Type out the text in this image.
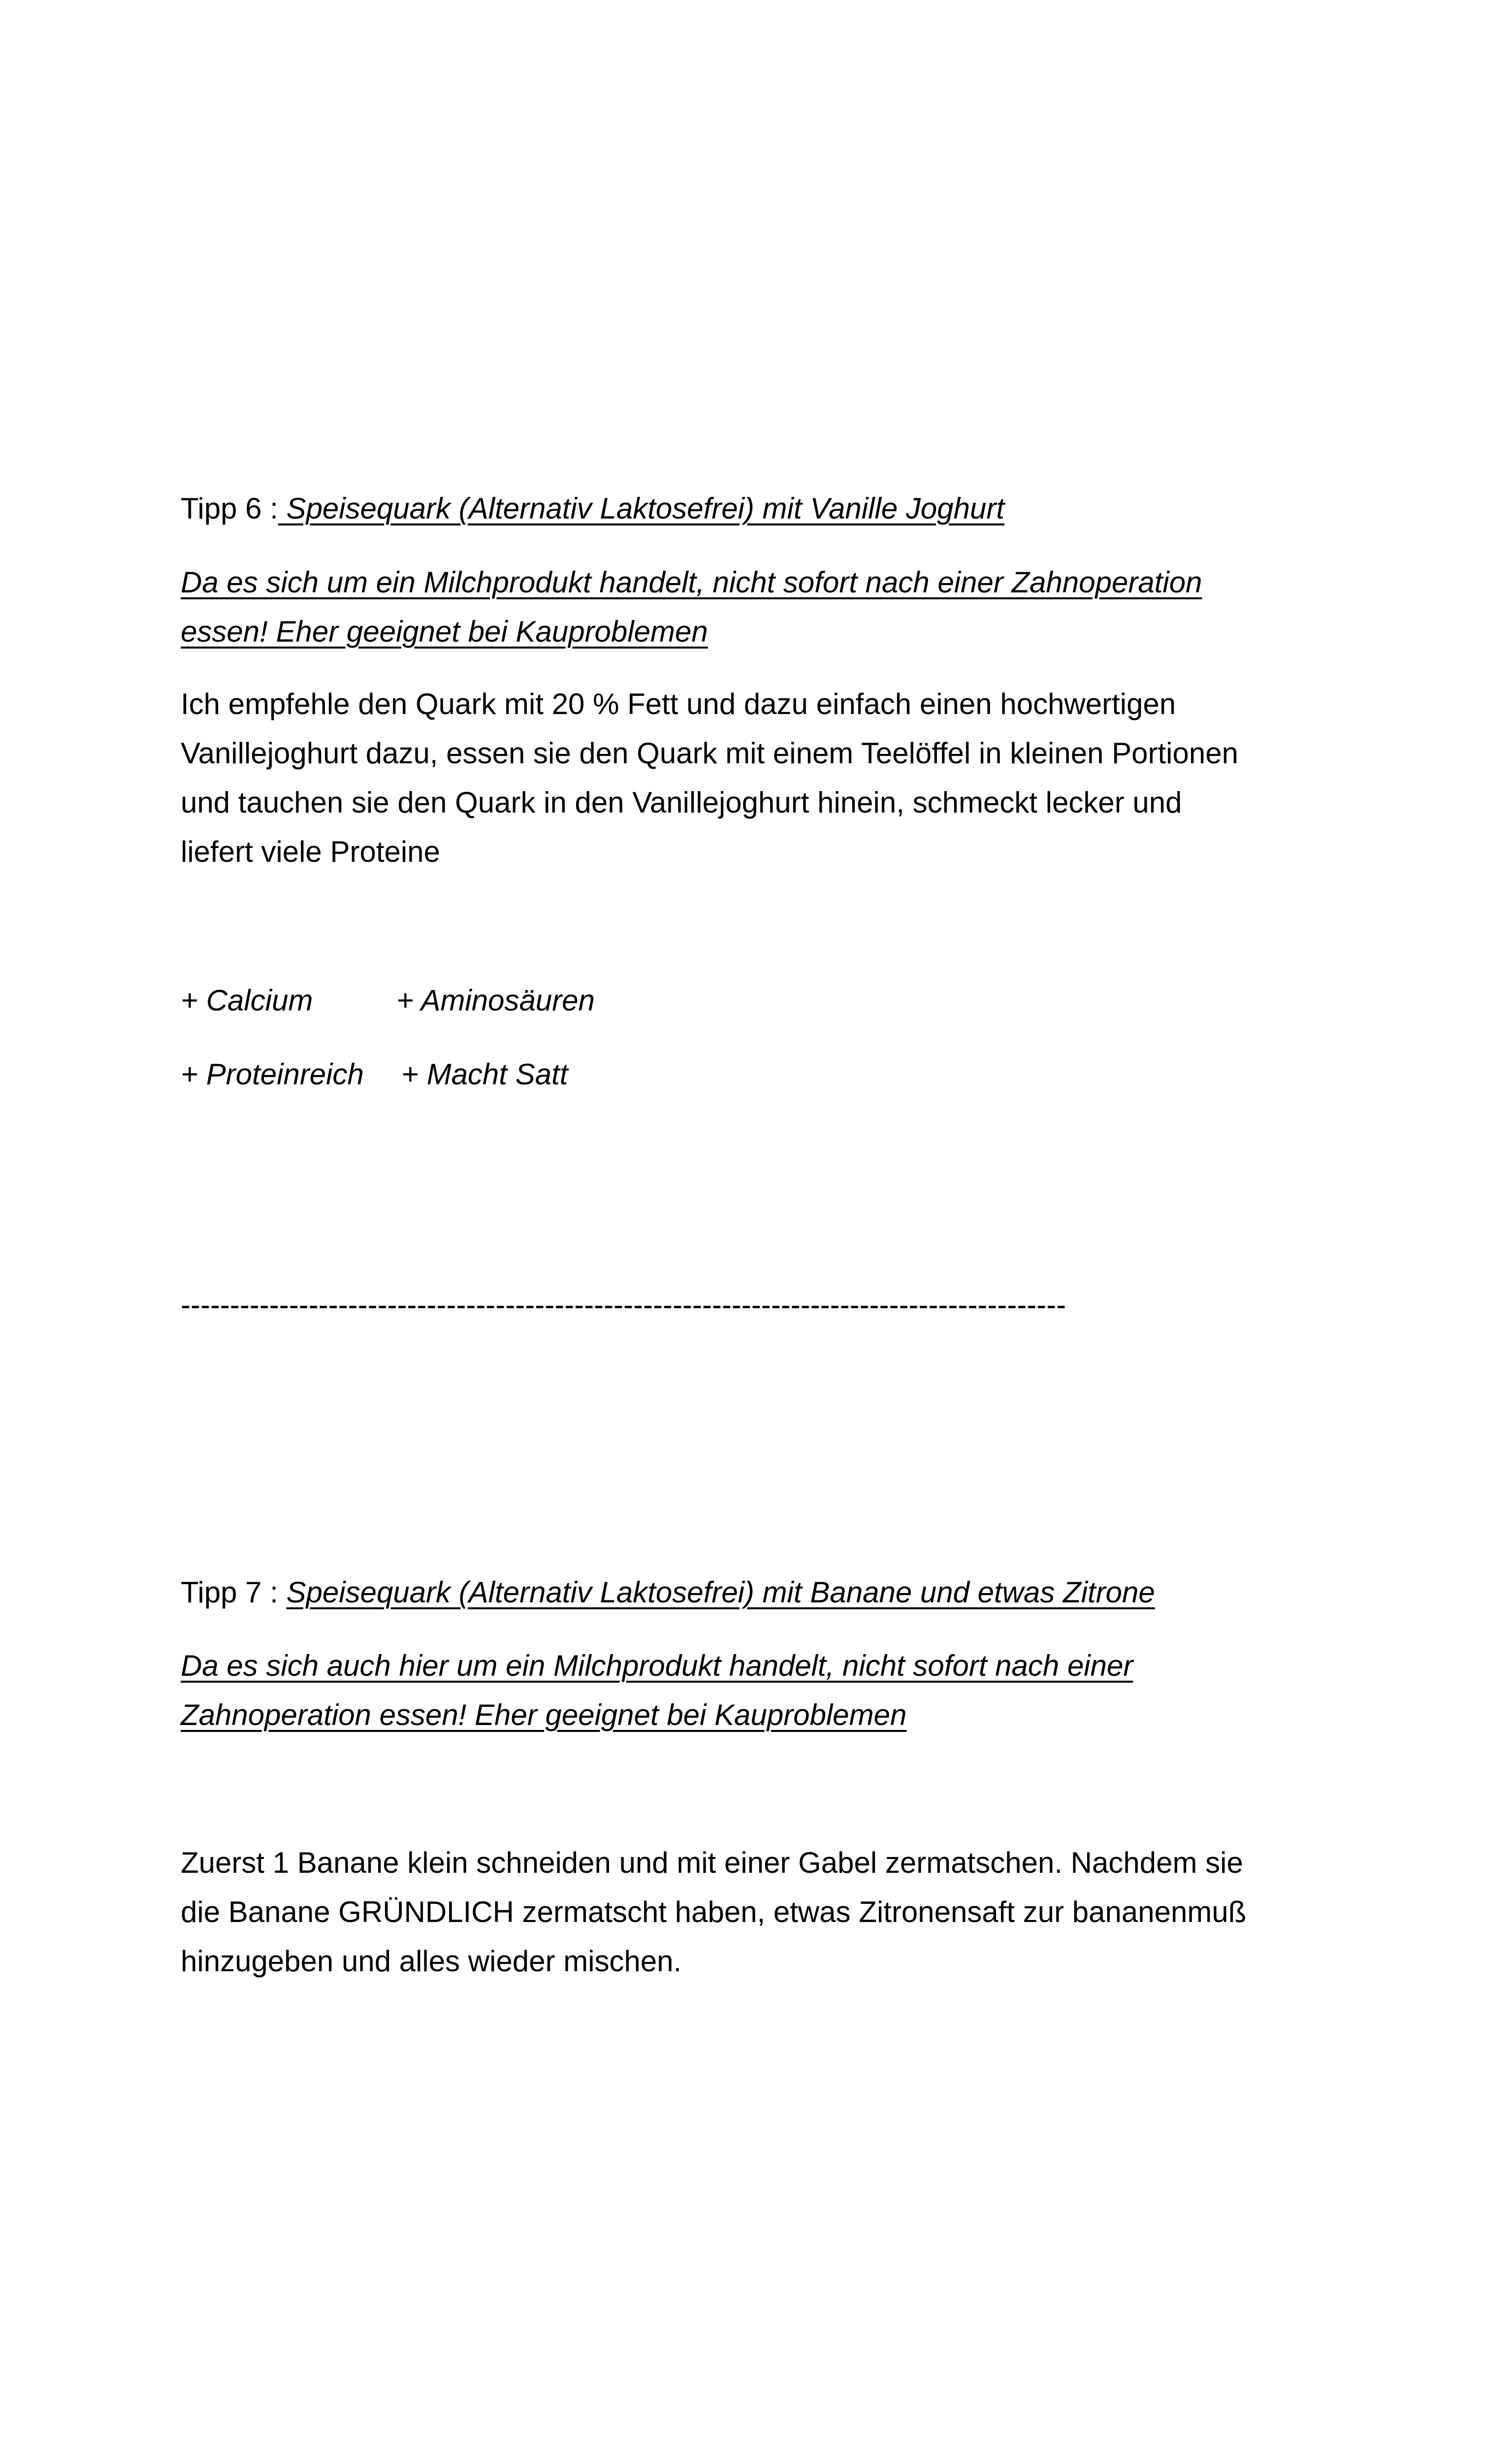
Tipp 6 : Speisequark (Alternativ Laktosefrei) mit Vanille Joghurt

Da es sich um ein Milchprodukt handelt, nicht sofort nach einer Zahnoperation
essen! Eher geeignet bei Kauproblemen
Ich empfehle den Quark mit 20 % Fett und dazu einfach einen hochwertigen
Vanillejoghurt dazu, essen sie den Quark mit einem Teelöffel in kleinen Portionen
und tauchen sie den Quark in den Vanillejoghurt hinein, schmeckt lecker und
liefert viele Proteine
+ Calcium	+ Aminosäuren
+ Proteinreich + Macht Satt
------------------------------------------------------------------------------------------

Tipp 7 : Speisequark (Alternativ Laktosefrei) mit Banane und etwas Zitrone

Da es sich auch hier um ein Milchprodukt handelt, nicht sofort nach einer
Zahnoperation essen! Eher geeignet bei Kauproblemen
Zuerst 1 Banane klein schneiden und mit einer Gabel zermatschen. Nachdem sie
die Banane GRÜNDLICH zermatscht haben, etwas Zitronensaft zur bananenmuß
hinzugeben und alles wieder mischen.
